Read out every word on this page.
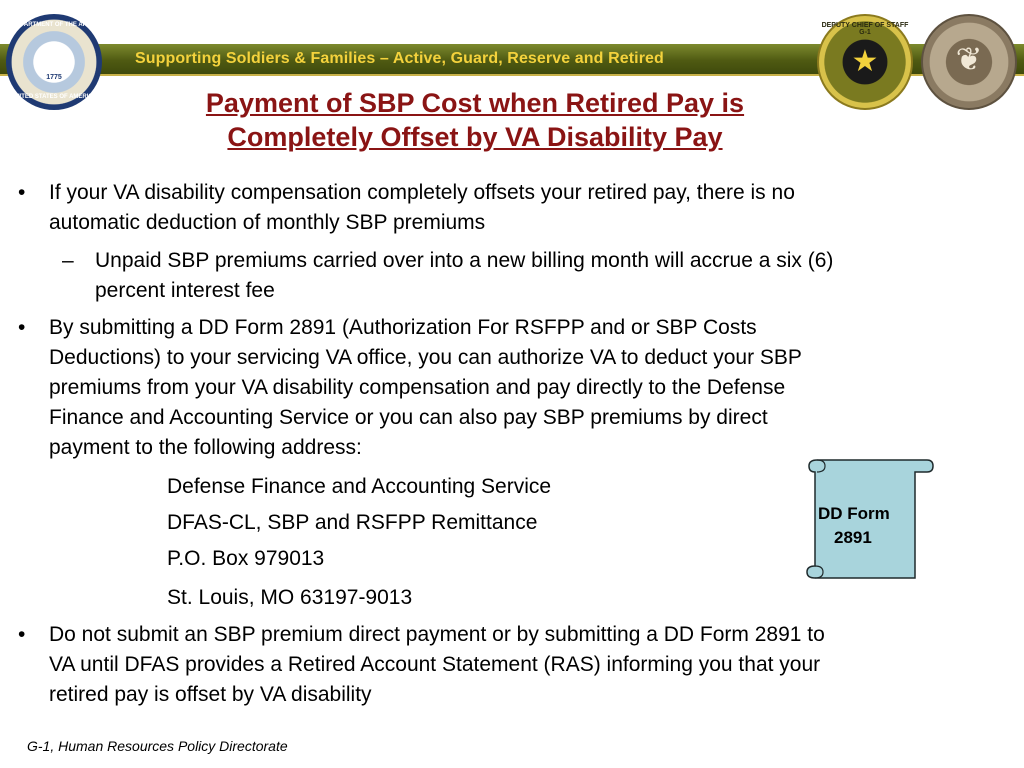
Supporting Soldiers & Families – Active, Guard, Reserve and Retired
DEPARTMENT OF THE ARMY
UNITED STATES OF AMERICA
1775
DEPUTY CHIEF OF STAFF G-1
★	❦
Payment of SBP Cost when Retired Pay is
Completely Offset by VA Disability Pay
• If your VA disability compensation completely offsets your retired pay, there is no
automatic deduction of monthly SBP premiums
– Unpaid SBP premiums carried over into a new billing month will accrue a six (6)
percent interest fee
• By submitting a DD Form 2891 (Authorization For RSFPP and or SBP Costs
Deductions) to your servicing VA office, you can authorize VA to deduct your SBP
premiums from your VA disability compensation and pay directly to the Defense
Finance and Accounting Service or you can also pay SBP premiums by direct
payment to the following address:
Defense Finance and Accounting Service
DFAS-CL, SBP and RSFPP Remittance
P.O. Box 979013
St. Louis, MO 63197-9013
• Do not submit an SBP premium direct payment or by submitting a DD Form 2891 to
VA until DFAS provides a Retired Account Statement (RAS) informing you that your
retired pay is offset by VA disability
DD Form
2891
G-1, Human Resources Policy Directorate
